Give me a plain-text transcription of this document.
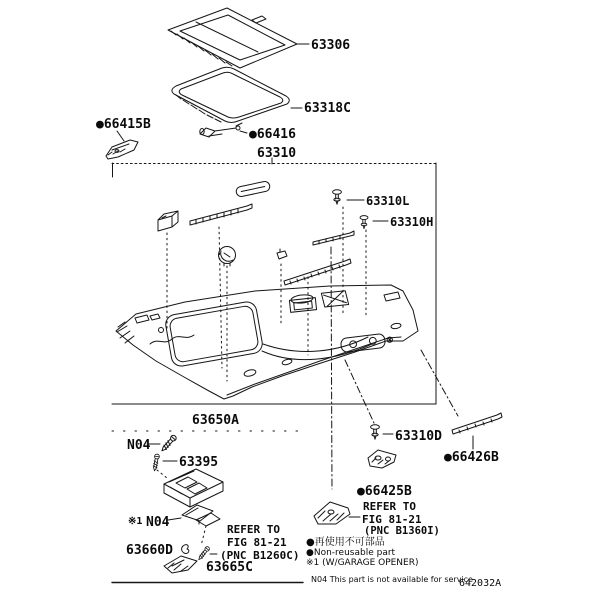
63306
63318C
●66415B
●66416
63310
63310L
63310H
63650A
N04
63395
※1 N04
63660D
63665C
REFER TO
FIG 81-21
(PNC B1260C)
63310D
●66426B
●66425B
REFER TO
FIG 81-21
(PNC B1360I)
●再使用不可部品
●Non-reusable part
※1 (W/GARAGE OPENER)
N04 This part is not available for service
642032A
